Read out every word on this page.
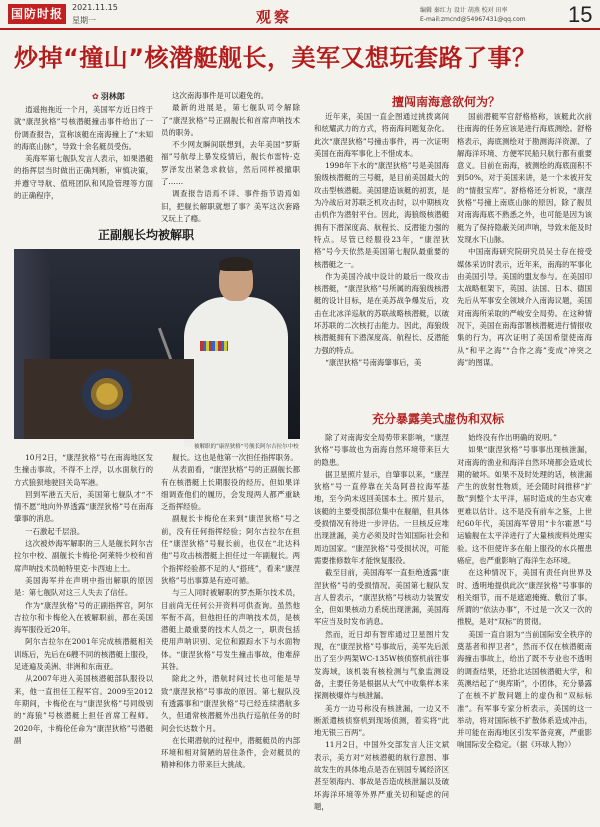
国防时报	2021.11.15
星期一	观察	编辑 秦红力 设计 胡燕 校对 田率
E-mail:zmcnd@54967431@qq.com 15
炒掉“撞山”核潜艇舰长，美军又想玩套路了事？
✿ 羽林郎

逍遥拖拖近一个月，美国军方近日终于就“康涅狄格”号核潜艇撞击事件给出了一份调查报告，宣称该艇在南海撞上了“未知的海底山脉”，导致十余名艇员受伤。

美海军第七舰队发言人表示，如果潜艇的指挥层当时做出正确判断，审慎决策，并遵守导航、值班团队和风险管理等方面的正确程序，

这次南海事件是可以避免的。

最新的进展是，第七舰队司令解除了“康涅狄格”号正副舰长和首席声呐技术员的职务。

不少网友瞬间联想到，去年美国“罗斯福”号航母上暴发疫情后，舰长布雷特·克罗泽发出紧急求救信，然后同样被撤职了……

调查报告语焉不详、事件指节语焉如旧，把舰长解职就想了事？美军这次套路又玩上了瘾。

正副舰长均被解职
被解职的“康涅狄格”号舰长阿尔吉拉尔中校

10月2日，“康涅狄格”号在南海地区发生撞击事故，不得不上浮，以水面航行的方式狼狈地驶回关岛军港。

回到军港五天后，美国第七舰队才“不情不愿”地向外界透露“康涅狄格”号在南海肇事的消息。

一石激起千层浪。

这次被炒海军解职的三人是舰长阿尔吉拉尔中校、副舰长卡梅伦·阿莱特少校和首席声呐技术员帕特里克·卡西迪上士。

美国海军并在声明中指出解职的原因是：第七舰队对这三人失去了信任。

作为“康涅狄格”号的正副指挥官，阿尔吉拉尔和卡梅伦入在被解职前，都在美国海军服役近20年。

阿尔吉拉尔在2001年完成核潜艇相关训练后，先后在6艘不同的核潜艇上服役，足迹遍及美洲、非洲和东南亚。

从2007年进入美国核潜艇部队服役以来，他一直担任工程军官。2009至2012年期间，卡梅伦在与“康涅狄格”号同级别的“海狼”号核潜艇上担任首席工程师。2020年，卡梅伦任命为“康涅狄格”号潜艇副

舰长。这也是他第一次担任指挥职务。

从表面看，“康涅狄格”号的正副舰长都有在核潜艇上长期服役的经历。但如果详细调查他们的履历，会发现两人都严重缺乏指挥经验。

副舰长卡梅伦在来到“康涅狄格”号之前，没有任何指挥经验；阿尔吉拉尔在担任“康涅狄格”号舰长前，也仅在“北达科他”号攻击核潜艇上担任过一年副舰长。两个指挥经验都不足的人“搭班”，看来“康涅狄格”号出事算是有迹可循。

与三人同时被解职的罗杰斯尔技术员，目前尚无任何公开资料可供查询。虽然他军衔不高，但他担任的声呐技术员，是核潜艇上最重要的技术人员之一，职责包括使用声呐识别、定位和跟踪水下与水面物体。“康涅狄格”号发生撞击事故，他难辞其咎。

除此之外，潜航时间过长也可能是导致“康涅狄格”号事故的原因。第七舰队没有透露事和“康涅狄格”号已经连续潜航多久，但通常核潜艇外出执行巡航任务的时间会长达数个月。

在长期潜航的过程中，潜艇艇员的内部环境和相对简陋的居住条件，会对艇员的精神和体力带来巨大挑战。

擅闯南海意欲何为？

近年来，美国一直企图通过挑拨离间和炫耀武力的方式，将南海问题复杂化。此次“康涅狄格”号撞击事件，再一次证明美国在南海军事化上不惜成本。

1998年下水的“康涅狄格”号是美国海狼级核潜艇的三号艇，是目前美国最大的攻击型核潜艇。美国建造该艇的初衷，是为冷战后对苏联乏机攻击时，以中期核攻击机作为潜射平台。因此，海狼级核潜艇拥有下潜深度高、航程长、反潜能力强的特点。尽管已经服役23年，“康涅狄格”号今天依然是美国第七舰队最重要的核潜艇之一。

作为美国冷战中设计的最后一级攻击核潜艇，“康涅狄格”号所属的海狼级核潜艇的设计目标，是在美苏战争爆发后，攻击在北冰洋巡航的苏联战略核潜艇，以破坏苏联的二次核打击能力。因此，海狼级核潜艇拥有下潜深度高、航程长、反潜能力强的特点。

“康涅狄格”号南海肇事后，美

国前潜艇军官舒格格称，该艇此次前往南海的任务应该是进行海底测绘。舒格格表示，海底测绘对于勘测海洋资源、了解海洋环境、方便军民船只航行都有重要意义。目前在南海，被测绘的海底面积不到50%，对于美国来讲，是一个未被开发的“情报宝库”。舒格格还分析说，“康涅狄格”号撞上南底山脉的原因，除了舰员对南海海底不熟悉之外，也可能是因为该艇为了保持隐蔽关闭声呐，导致未能及时发现水下山脉。

中国南海研究院研究员吴士存在接受媒体采访时表示，近年来，南海的军事化由美国引导。美国的盟友参与。在美国印太战略框架下，英国、法国、日本、德国先后从军事安全领域介入南海议题，美国对南海所采取的严峻安全局势。在这种情况下，美国在南海部署核潜艇进行情报收集的行为，再次证明了美国希望使南海从“和平之海”“合作之海”变成“冲突之海”的图谋。

充分暴露美式虚伪和双标

除了对南海安全局势带来影响，“康涅狄格”号事故也为南海自然环境带来巨大的隐患。

据卫星照片显示，自肇事以来，“康涅狄格”号一直停靠在关岛阿普拉海军基地，至今尚未返回美国本土。照片显示，该艇的主要受损部位集中在舰艏，但具体受损情况有待进一步评估。一旦核反应堆出现泄漏，美方必须及时告知国际社会和周边国家。“康涅狄格”号受损状况，可能需要推修数年才能恢复服役。

截至目前，美国海军一直拒绝透露“康涅狄格”号的受损情况。美国第七舰队发言人曾表示，“康涅狄格”号核动力装置安全，但如果核动力系统出现泄漏，美国海军应当及时发布消息。

然而，近日却有智库通过卫星图片发现，在“康涅狄格”号事故后，美军先后派出了至少两架WC-135W核侦察机前往事发海域，该机装有核检测与气象监测设备，主要任务是根据从大气中收集样本来探测核爆炸与核泄漏。

美方一边号称没有核泄漏，一边又不断派遣核侦察机到现场侦测，着实将“此地无银三百两”。

11月2日，中国外交部发言人汪文斌表示，美方对“对核潜艇的航行意图、事故发生的具体地点是否在别国专属经济区甚至领海内、事故是否造成核泄漏以及破坏海洋环境等外界严重关切和疑虑的问题，

始终没有作出明确的说明。”

如果“康涅狄格”号事事出现核泄漏，对南海的渔业和海洋自然环境都会造成长期的破坏。如果不及时处理的话，核泄漏产生的放射性物质，还会随时间推移“扩散”到整个太平洋，届时造成的生态灾难更难以估计。这不是没有前车之鉴，上世纪60年代，美国海军曾用“卡尔霍恩”号运输舰在太平洋进行了大量核废料处理实验。这不但使许多在船上服役的水兵罹患癌症，也严重影响了海洋生态环境。

在这种情况下，美国有责任向世界及时、透明地提供此次“康涅狄格”号事事的相关细节，而不是遮遮掩掩、敷衍了事。所谓的“依法办事”，不过是一次又一次的推脱，是对“双标”的贯彻。

美国一直自诩为“当前国际安全秩序的奠基者和捍卫者”，然而不仅在核潜艇南海撞击事故上，给出了既不专业也不透明的调查结果，还拾北达国核潜艇大学，和英澳结起了“奥库斯”，小团体，充分暴露了在核不扩散问题上的虚伪和“双标标准”。有军事专家分析表示，美国的这一举动，将对国际核不扩散体系造成冲击，并可能在南海地区引发军备竞赛，严重影响国际安全稳定。（据《环球人物》）
